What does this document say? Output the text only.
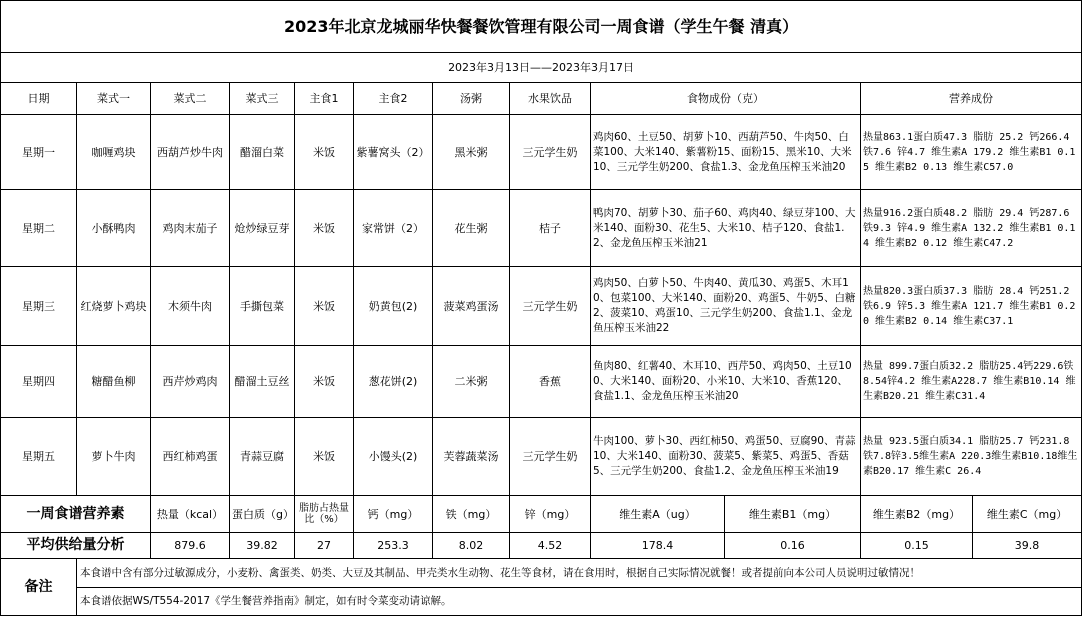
2023年北京龙城丽华快餐餐饮管理有限公司一周食谱（学生午餐 清真）											
2023年3月13日——2023年3月17日											
日期	菜式一	菜式二	菜式三	主食1	主食2	汤粥	水果饮品	食物成份（克）		营养成份	
星期一	咖喱鸡块	西葫芦炒牛肉	醋溜白菜	米饭	紫薯窝头（2）	黑米粥	三元学生奶	鸡肉60、土豆50、胡萝卜10、西葫芦50、牛肉50、白菜100、大米140、紫薯粉15、面粉15、黑米10、大米10、三元学生奶200、食盐1.3、金龙鱼压榨玉米油20		热量863.1蛋白质47.3 脂肪 25.2 钙266.4 铁7.6 锌4.7 维生素A 179.2 维生素B1 0.15 维生素B2 0.13 维生素C57.0	
星期二	小酥鸭肉	鸡肉末茄子	炝炒绿豆芽	米饭	家常饼（2）	花生粥	桔子	鸭肉70、胡萝卜30、茄子60、鸡肉40、绿豆芽100、大米140、面粉30、花生5、大米10、桔子120、食盐1.2、金龙鱼压榨玉米油21		热量916.2蛋白质48.2 脂肪 29.4 钙287.6 铁9.3 锌4.9 维生素A 132.2 维生素B1 0.14 维生素B2 0.12 维生素C47.2	
星期三	红烧萝卜鸡块	木须牛肉	手撕包菜	米饭	奶黄包(2)	菠菜鸡蛋汤	三元学生奶	鸡肉50、白萝卜50、牛肉40、黄瓜30、鸡蛋5、木耳10、包菜100、大米140、面粉20、鸡蛋5、牛奶5、白糖2、菠菜10、鸡蛋10、三元学生奶200、食盐1.1、金龙鱼压榨玉米油22		热量820.3蛋白质37.3 脂肪 28.4 钙251.2 铁6.9 锌5.3 维生素A 121.7 维生素B1 0.20 维生素B2 0.14 维生素C37.1	
星期四	糖醋鱼柳	西芹炒鸡肉	醋溜土豆丝	米饭	葱花饼(2)	二米粥	香蕉	鱼肉80、红薯40、木耳10、西芹50、鸡肉50、土豆100、大米140、面粉20、小米10、大米10、香蕉120、食盐1.1、金龙鱼压榨玉米油20		热量 899.7蛋白质32.2 脂肪25.4钙229.6铁8.54锌4.2 维生素A228.7 维生素B10.14 维生素B20.21 维生素C31.4	
星期五	萝卜牛肉	西红柿鸡蛋	青蒜豆腐	米饭	小馒头(2)	芙蓉蔬菜汤	三元学生奶	牛肉100、萝卜30、西红柿50、鸡蛋50、豆腐90、青蒜10、大米140、面粉30、菠菜5、紫菜5、鸡蛋5、香菇5、三元学生奶200、食盐1.2、金龙鱼压榨玉米油19		热量 923.5蛋白质34.1 脂肪25.7 钙231.8铁7.8锌3.5维生素A 220.3维生素B10.18维生素B20.17 维生素C 26.4	
一周食谱营养素		热量（kcal）	蛋白质（g）	脂肪占热量比（%）	钙（mg）	铁（mg）	锌（mg）	维生素A（ug）	维生素B1（mg）	维生素B2（mg）	维生素C（mg）
平均供给量分析		879.6	39.82	27	253.3	8.02	4.52	178.4	0.16	0.15	39.8
备注	本食谱中含有部分过敏源成分，小麦粉、禽蛋类、奶类、大豆及其制品、甲壳类水生动物、花生等食材，请在食用时，根据自己实际情况就餐！或者提前向本公司人员说明过敏情况！										
	本食谱依据WS/T554-2017《学生餐营养指南》制定，如有时令菜变动请谅解。										
